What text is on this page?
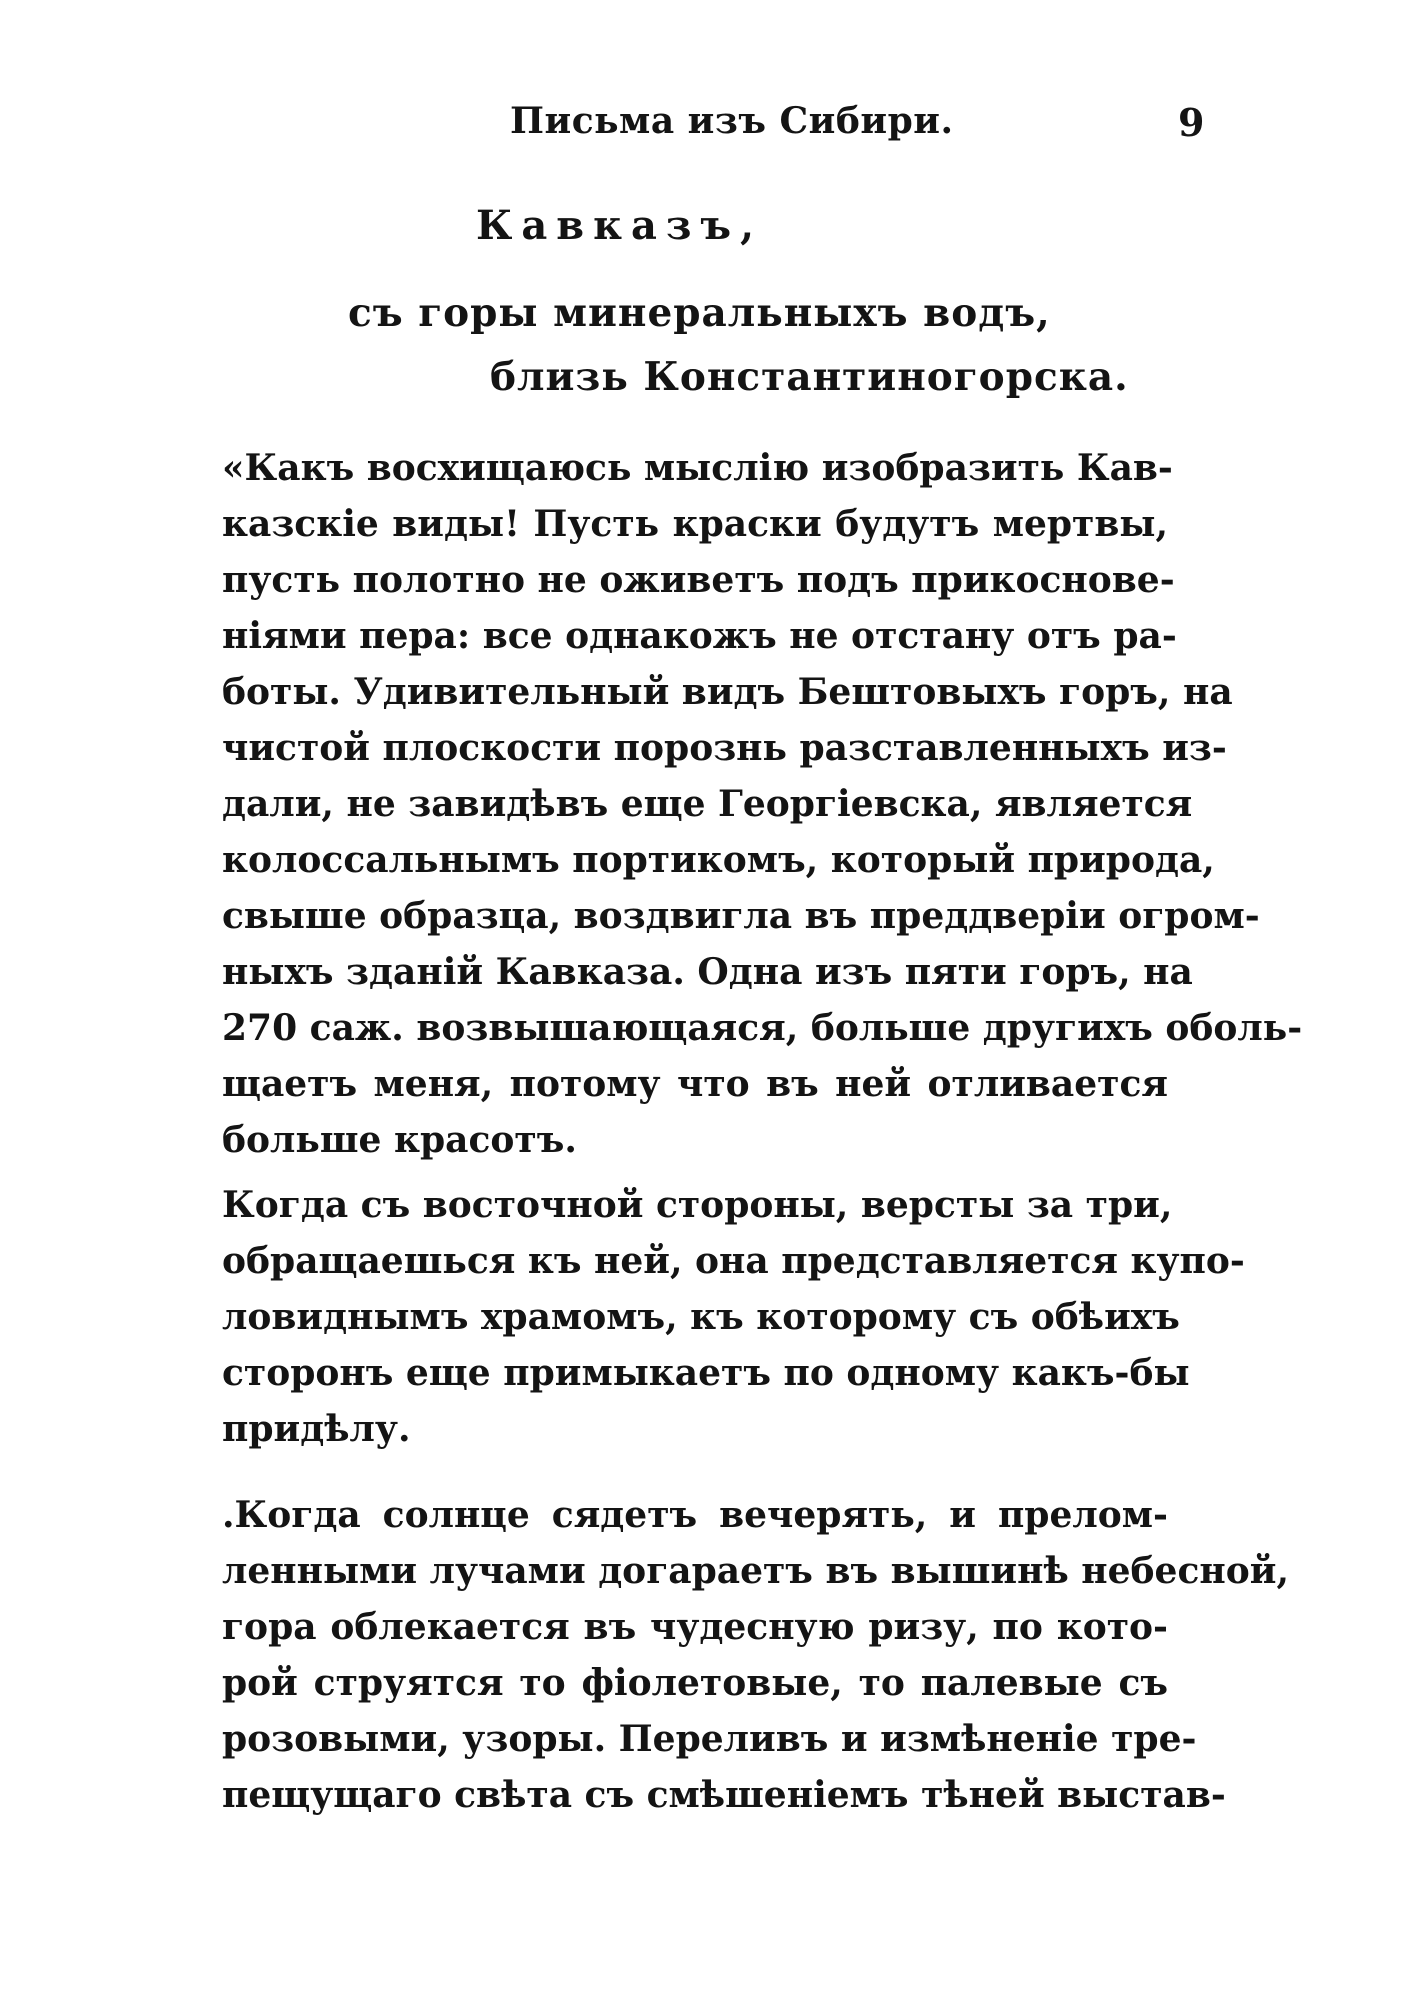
Письма изъ Сибири.	9
Кавказъ,
съ горы минеральныхъ водъ,
близь Константиногорска.
«Какъ восхищаюсь мыслію изобразить Кав-
казскіе виды! Пусть краски будутъ мертвы,
пусть полотно не оживетъ подъ прикоснове-
ніями пера: все однакожъ не отстану отъ ра-
боты. Удивительный видъ Бештовыхъ горъ, на
чистой плоскости порознь разставленныхъ из-
дали, не завидѣвъ еще Георгіевска, является
колоссальнымъ портикомъ, который природа,
свыше образца, воздвигла въ преддверіи огром-
ныхъ зданій Кавказа. Одна изъ пяти горъ, на
270 саж. возвышающаяся, больше другихъ оболь-
щаетъ меня, потому что въ ней отливается
больше красотъ.
Когда съ восточной стороны, версты за три,
обращаешься къ ней, она представляется купо-
ловиднымъ храмомъ, къ которому съ обѣихъ
сторонъ еще примыкаетъ по одному какъ-бы
придѣлу.
.Когда солнце сядетъ вечерять, и прелом-
ленными лучами догараетъ въ вышинѣ небесной,
гора облекается въ чудесную ризу, по кото-
рой струятся то фіолетовые, то палевые съ
розовыми, узоры. Переливъ и измѣненіе тре-
пещущаго свѣта съ смѣшеніемъ тѣней выстав-
